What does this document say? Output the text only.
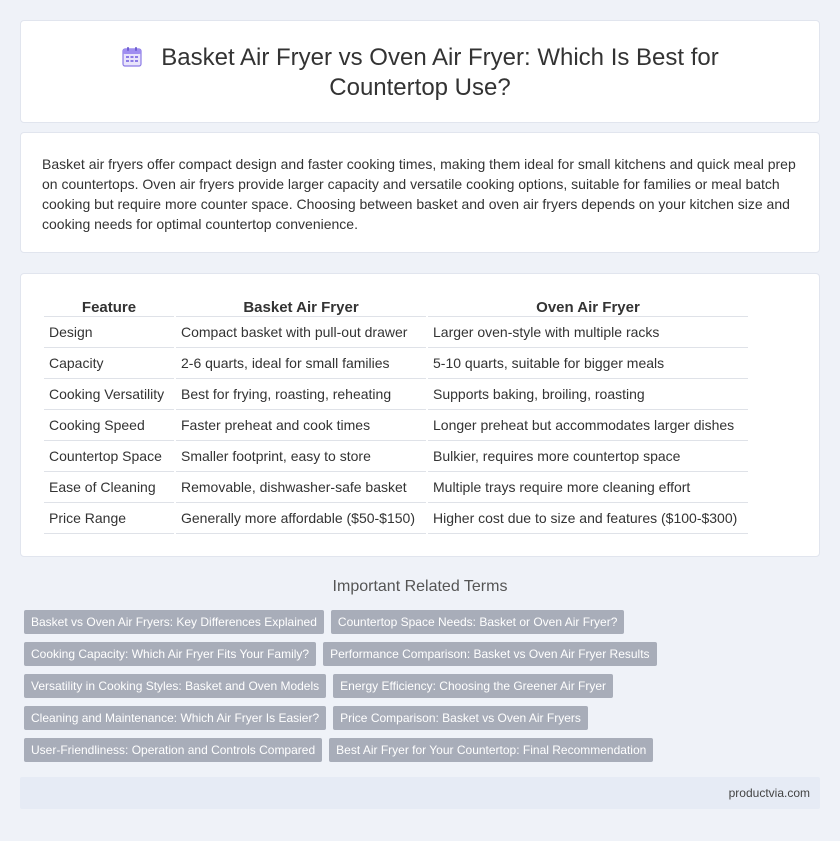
Basket Air Fryer vs Oven Air Fryer: Which Is Best for Countertop Use?

Basket air fryers offer compact design and faster cooking times, making them ideal for small kitchens and quick meal prep on countertops. Oven air fryers provide larger capacity and versatile cooking options, suitable for families or meal batch cooking but require more counter space. Choosing between basket and oven air fryers depends on your kitchen size and cooking needs for optimal countertop convenience.

Feature	Basket Air Fryer	Oven Air Fryer
Design	Compact basket with pull-out drawer	Larger oven-style with multiple racks
Capacity	2-6 quarts, ideal for small families	5-10 quarts, suitable for bigger meals
Cooking Versatility	Best for frying, roasting, reheating	Supports baking, broiling, roasting
Cooking Speed	Faster preheat and cook times	Longer preheat but accommodates larger dishes
Countertop Space	Smaller footprint, easy to store	Bulkier, requires more countertop space
Ease of Cleaning	Removable, dishwasher-safe basket	Multiple trays require more cleaning effort
Price Range	Generally more affordable ($50-$150)	Higher cost due to size and features ($100-$300)
Important Related Terms
Basket vs Oven Air Fryers: Key Differences Explained	Countertop Space Needs: Basket or Oven Air Fryer?
Cooking Capacity: Which Air Fryer Fits Your Family?	Performance Comparison: Basket vs Oven Air Fryer Results
Versatility in Cooking Styles: Basket and Oven Models	Energy Efficiency: Choosing the Greener Air Fryer
Cleaning and Maintenance: Which Air Fryer Is Easier?	Price Comparison: Basket vs Oven Air Fryers
User-Friendliness: Operation and Controls Compared	Best Air Fryer for Your Countertop: Final Recommendation
productvia.com
